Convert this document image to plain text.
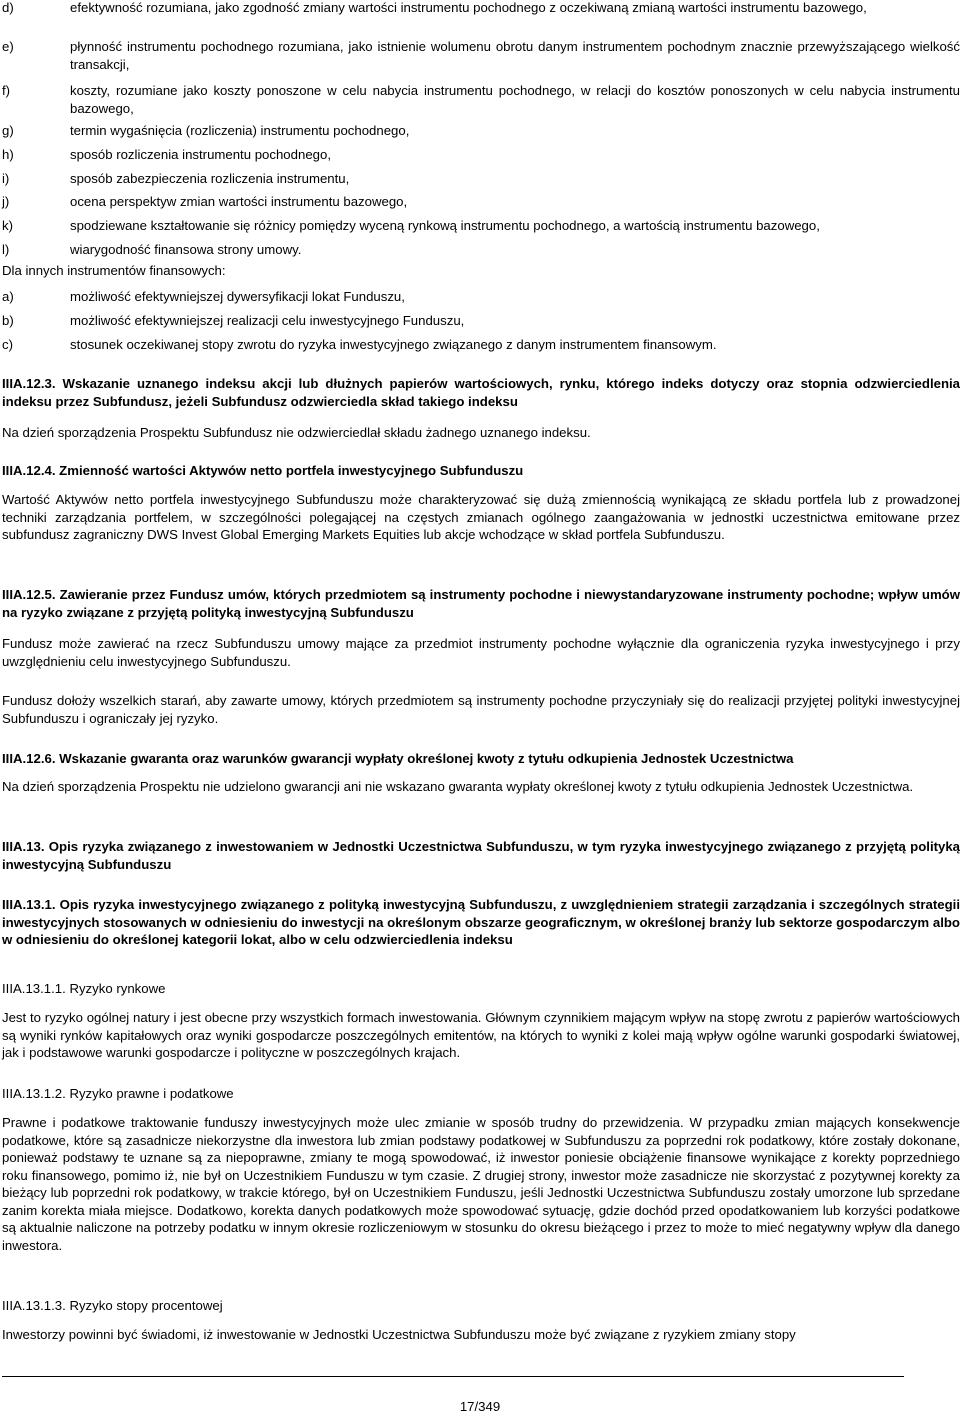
d)	efektywność rozumiana, jako zgodność zmiany wartości instrumentu pochodnego z oczekiwaną zmianą wartości instrumentu bazowego,
e)	płynność instrumentu pochodnego rozumiana, jako istnienie wolumenu obrotu danym instrumentem pochodnym znacznie przewyższającego wielkość transakcji,
f)	koszty, rozumiane jako koszty ponoszone w celu nabycia instrumentu pochodnego, w relacji do kosztów ponoszonych w celu nabycia instrumentu bazowego,
g)	termin wygaśnięcia (rozliczenia) instrumentu pochodnego,
h)	sposób rozliczenia instrumentu pochodnego,
i)	sposób zabezpieczenia rozliczenia instrumentu,
j)	ocena perspektyw zmian wartości instrumentu bazowego,
k)	spodziewane kształtowanie się różnicy pomiędzy wyceną rynkową instrumentu pochodnego, a wartością instrumentu bazowego,
l)	wiarygodność finansowa strony umowy.
Dla innych instrumentów finansowych:
a)	możliwość efektywniejszej dywersyfikacji lokat Funduszu,
b)	możliwość efektywniejszej realizacji celu inwestycyjnego Funduszu,
c)	stosunek oczekiwanej stopy zwrotu do ryzyka inwestycyjnego związanego z danym instrumentem finansowym.
IIIA.12.3. Wskazanie uznanego indeksu akcji lub dłużnych papierów wartościowych, rynku, którego indeks dotyczy oraz stopnia odzwierciedlenia indeksu przez Subfundusz, jeżeli Subfundusz odzwierciedla skład takiego indeksu
Na dzień sporządzenia Prospektu Subfundusz nie odzwierciedlał składu żadnego uznanego indeksu.
IIIA.12.4. Zmienność wartości Aktywów netto portfela inwestycyjnego Subfunduszu
Wartość Aktywów netto portfela inwestycyjnego Subfunduszu może charakteryzować się dużą zmiennością wynikającą ze składu portfela lub z prowadzonej techniki zarządzania portfelem, w szczególności polegającej na częstych zmianach ogólnego zaangażowania w jednostki uczestnictwa emitowane przez subfundusz zagraniczny DWS Invest Global Emerging Markets Equities lub akcje wchodzące w skład portfela Subfunduszu.
IIIA.12.5. Zawieranie przez Fundusz umów, których przedmiotem są instrumenty pochodne i niewystandaryzowane instrumenty pochodne; wpływ umów na ryzyko związane z przyjętą polityką inwestycyjną Subfunduszu
Fundusz może zawierać na rzecz Subfunduszu umowy mające za przedmiot instrumenty pochodne wyłącznie dla ograniczenia ryzyka inwestycyjnego i przy uwzględnieniu celu inwestycyjnego Subfunduszu.
Fundusz dołoży wszelkich starań, aby zawarte umowy, których przedmiotem są instrumenty pochodne przyczyniały się do realizacji przyjętej polityki inwestycyjnej Subfunduszu i ograniczały jej ryzyko.
IIIA.12.6. Wskazanie gwaranta oraz warunków gwarancji wypłaty określonej kwoty z tytułu odkupienia Jednostek Uczestnictwa
Na dzień sporządzenia Prospektu nie udzielono gwarancji ani nie wskazano gwaranta wypłaty określonej kwoty z tytułu odkupienia Jednostek Uczestnictwa.
IIIA.13. Opis ryzyka związanego z inwestowaniem w Jednostki Uczestnictwa Subfunduszu, w tym ryzyka inwestycyjnego związanego z przyjętą polityką inwestycyjną Subfunduszu
IIIA.13.1. Opis ryzyka inwestycyjnego związanego z polityką inwestycyjną Subfunduszu, z uwzględnieniem strategii zarządzania i szczególnych strategii inwestycyjnych stosowanych w odniesieniu do inwestycji na określonym obszarze geograficznym, w określonej branży lub sektorze gospodarczym albo w odniesieniu do określonej kategorii lokat, albo w celu odzwierciedlenia indeksu
IIIA.13.1.1. Ryzyko rynkowe
Jest to ryzyko ogólnej natury i jest obecne przy wszystkich formach inwestowania. Głównym czynnikiem mającym wpływ na stopę zwrotu z papierów wartościowych są wyniki rynków kapitałowych oraz wyniki gospodarcze poszczególnych emitentów, na których to wyniki z kolei mają wpływ ogólne warunki gospodarki światowej, jak i podstawowe warunki gospodarcze i polityczne w poszczególnych krajach.
IIIA.13.1.2. Ryzyko prawne i podatkowe
Prawne i podatkowe traktowanie funduszy inwestycyjnych może ulec zmianie w sposób trudny do przewidzenia. W przypadku zmian mających konsekwencje podatkowe, które są zasadnicze niekorzystne dla inwestora lub zmian podstawy podatkowej w Subfunduszu za poprzedni rok podatkowy, które zostały dokonane, ponieważ podstawy te uznane są za niepoprawne, zmiany te mogą spowodować, iż inwestor poniesie obciążenie finansowe wynikające z korekty poprzedniego roku finansowego, pomimo iż, nie był on Uczestnikiem Funduszu w tym czasie. Z drugiej strony, inwestor może zasadnicze nie skorzystać z pozytywnej korekty za bieżący lub poprzedni rok podatkowy, w trakcie którego, był on Uczestnikiem Funduszu, jeśli Jednostki Uczestnictwa Subfunduszu zostały umorzone lub sprzedane zanim korekta miała miejsce. Dodatkowo, korekta danych podatkowych może spowodować sytuację, gdzie dochód przed opodatkowaniem lub korzyści podatkowe są aktualnie naliczone na potrzeby podatku w innym okresie rozliczeniowym w stosunku do okresu bieżącego i przez to może to mieć negatywny wpływ dla danego inwestora.
IIIA.13.1.3. Ryzyko stopy procentowej
Inwestorzy powinni być świadomi, iż inwestowanie w Jednostki Uczestnictwa Subfunduszu może być związane z ryzykiem zmiany stopy
17/349
